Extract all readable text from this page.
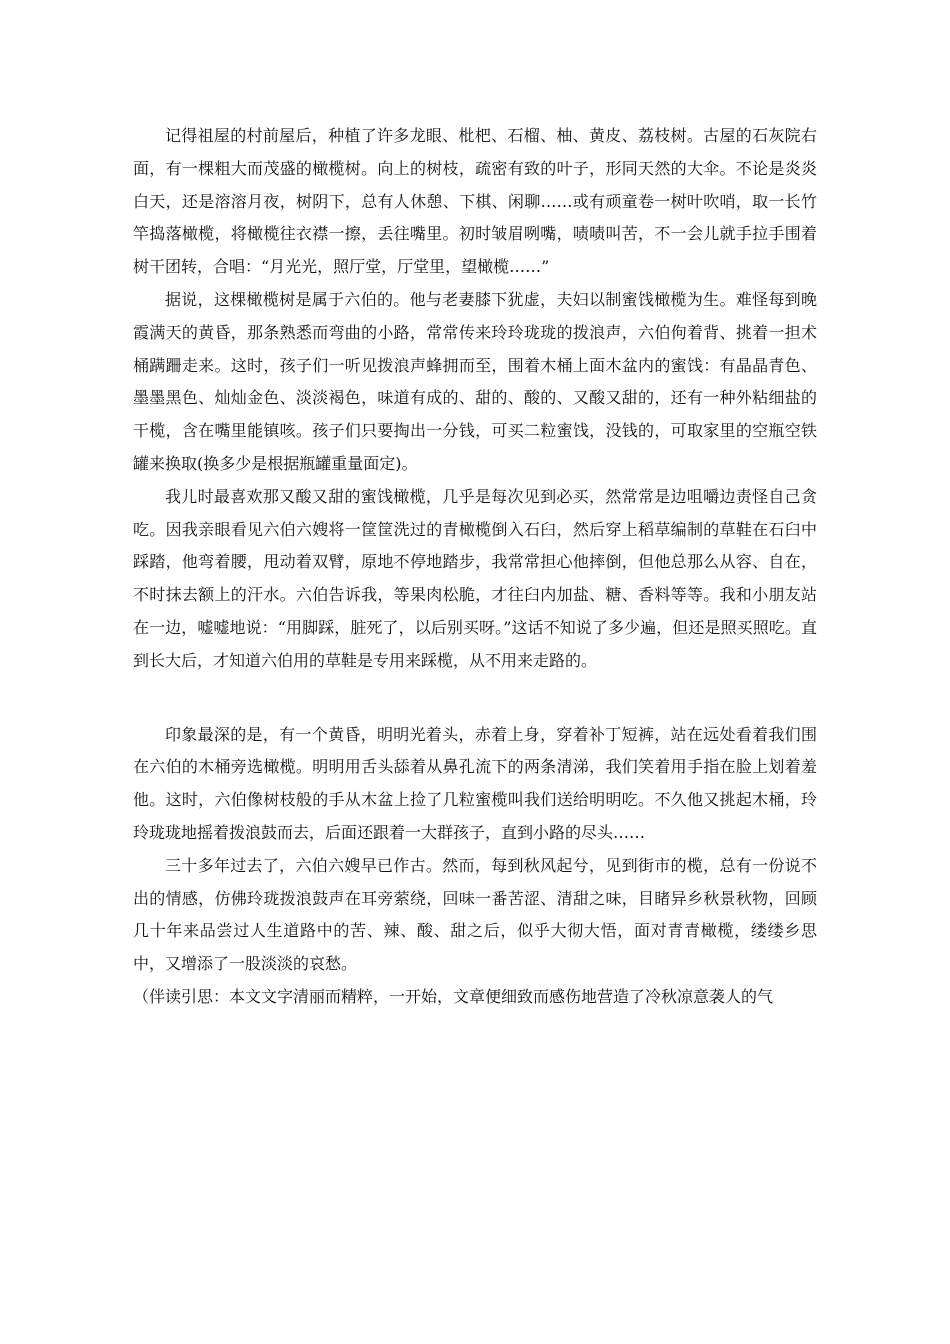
记得祖屋的村前屋后，种植了许多龙眼、枇杷、石榴、柚、黄皮、荔枝树。古屋的石灰院右面，有一棵粗大而茂盛的橄榄树。向上的树枝，疏密有致的叶子，形同天然的大伞。不论是炎炎白天，还是溶溶月夜，树阴下，总有人休憩、下棋、闲聊……或有顽童卷一树叶吹哨，取一长竹竿捣落橄榄，将橄榄往衣襟一擦，丢往嘴里。初时皱眉咧嘴，啧啧叫苦，不一会儿就手拉手围着树干团转，合唱：“月光光，照厅堂，厅堂里，望橄榄……”

据说，这棵橄榄树是属于六伯的。他与老妻膝下犹虚，夫妇以制蜜饯橄榄为生。难怪每到晚霞满天的黄昏，那条熟悉而弯曲的小路，常常传来玲玲珑珑的拨浪声，六伯佝着背、挑着一担术桶蹒跚走来。这时，孩子们一听见拨浪声蜂拥而至，围着木桶上面木盆内的蜜饯：有晶晶青色、墨墨黑色、灿灿金色、淡淡褐色，味道有成的、甜的、酸的、又酸又甜的，还有一种外粘细盐的干榄，含在嘴里能镇咳。孩子们只要掏出一分钱，可买二粒蜜饯，没钱的，可取家里的空瓶空铁罐来换取(换多少是根据瓶罐重量面定)。

我儿时最喜欢那又酸又甜的蜜饯橄榄，几乎是每次见到必买，然常常是边咀嚼边责怪自己贪吃。因我亲眼看见六伯六嫂将一筐筐洗过的青橄榄倒入石臼，然后穿上稻草编制的草鞋在石臼中踩踏，他弯着腰，甩动着双臂，原地不停地踏步，我常常担心他摔倒，但他总那么从容、自在，不时抹去额上的汗水。六伯告诉我，等果肉松脆，才往臼内加盐、糖、香料等等。我和小朋友站在一边，嘘嘘地说：“用脚踩，脏死了，以后别买呀。”这话不知说了多少遍，但还是照买照吃。直到长大后，才知道六伯用的草鞋是专用来踩榄，从不用来走路的。

印象最深的是，有一个黄昏，明明光着头，赤着上身，穿着补丁短裤，站在远处看着我们围在六伯的木桶旁选橄榄。明明用舌头舔着从鼻孔流下的两条清涕，我们笑着用手指在脸上划着羞他。这时，六伯像树枝般的手从木盆上捡了几粒蜜榄叫我们送给明明吃。不久他又挑起木桶，玲玲珑珑地摇着拨浪鼓而去，后面还跟着一大群孩子，直到小路的尽头……

三十多年过去了，六伯六嫂早已作古。然而，每到秋风起兮，见到街市的榄，总有一份说不出的情感，仿佛玲珑拨浪鼓声在耳旁萦绕，回味一番苦涩、清甜之味，目睹异乡秋景秋物，回顾几十年来品尝过人生道路中的苦、辣、酸、甜之后，似乎大彻大悟，面对青青橄榄，缕缕乡思中，又增添了一股淡淡的哀愁。

（伴读引思：本文文字清丽而精粹，一开始，文章便细致而感伤地营造了冷秋凉意袭人的气
